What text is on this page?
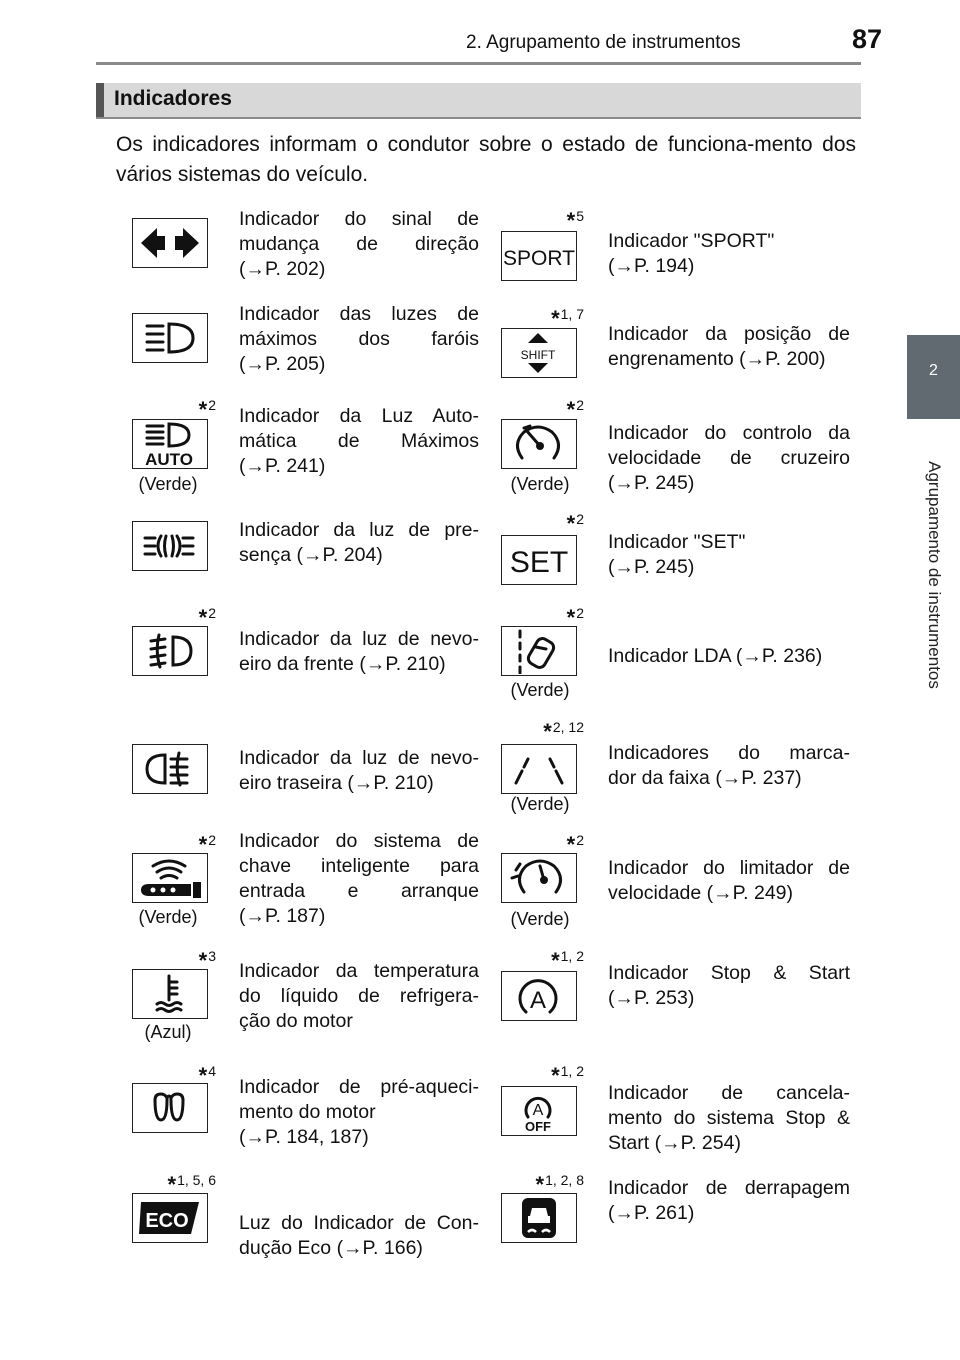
2. Agrupamento de instrumentos	87
2
Agrupamento de instrumentos
Indicadores
Os indicadores informam o condutor sobre o estado de funciona-mento dos vários sistemas do veículo.
Indicador do sinal de
mudança de direção
(→P. 202)
Indicador das luzes de
máximos dos faróis
(→P. 205)
AUTO
*2
(Verde)
Indicador da Luz Auto-
mática de Máximos
(→P. 241)
Indicador da luz de pre-
sença (→P. 204)
*2
Indicador da luz de nevo-
eiro da frente (→P. 210)
Indicador da luz de nevo-
eiro traseira (→P. 210)
*2
(Verde)
Indicador do sistema de
chave inteligente para
entrada e arranque
(→P. 187)
*3
(Azul)
Indicador da temperatura
do líquido de refrigera-
ção do motor
*4
Indicador de pré-aqueci-
mento do motor
(→P. 184, 187)
ECO
*1, 5, 6
Luz do Indicador de Con-
dução Eco (→P. 166)
SPORT
*5
Indicador "SPORT"
(→P. 194)
SHIFT
*1, 7
Indicador da posição de
engrenamento (→P. 200)
*2
(Verde)
Indicador do controlo da
velocidade de cruzeiro
(→P. 245)
SET
*2
Indicador "SET"
(→P. 245)
*2
(Verde)
Indicador LDA (→P. 236)
*2, 12
(Verde)
Indicadores do marca-
dor da faixa (→P. 237)
*2
(Verde)
Indicador do limitador de
velocidade (→P. 249)
A
*1, 2
Indicador Stop & Start
(→P. 253)
A
OFF
*1, 2
Indicador de cancela-
mento do sistema Stop &
Start (→P. 254)
*1, 2, 8 Indicador de derrapagem
(→P. 261)
